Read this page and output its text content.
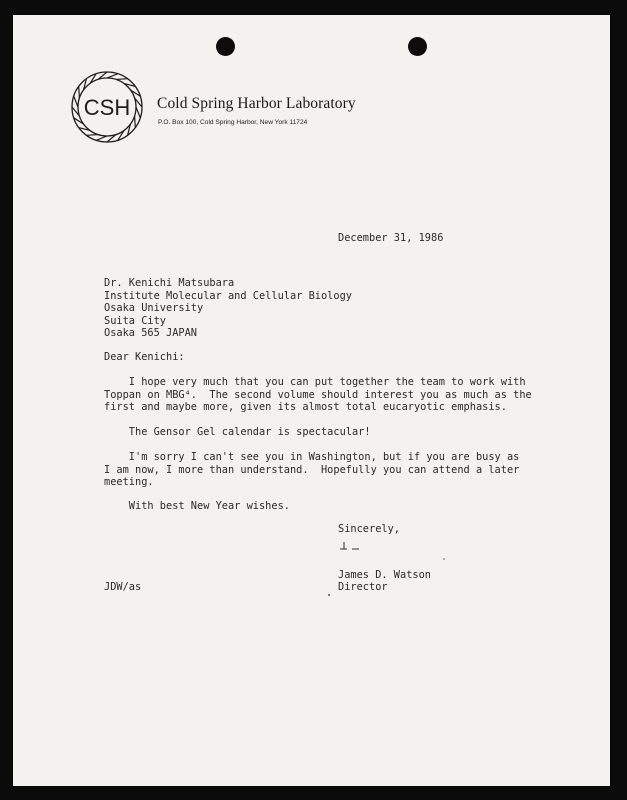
CSH Cold Spring Harbor Laboratory
P.O. Box 100, Cold Spring Harbor, New York 11724
December 31, 1986
Dr. Kenichi Matsubara
Institute Molecular and Cellular Biology
Osaka University
Suita City
Osaka 565 JAPAN
Dear Kenichi:
I hope very much that you can put together the team to work with
Toppan on MBG⁴.  The second volume should interest you as much as the
first and maybe more, given its almost total eucaryotic emphasis.
The Gensor Gel calendar is spectacular!
I'm sorry I can't see you in Washington, but if you are busy as
I am now, I more than understand.  Hopefully you can attend a later
meeting.
With best New Year wishes.
Sincerely,
James D. Watson
JDW/as	Director
